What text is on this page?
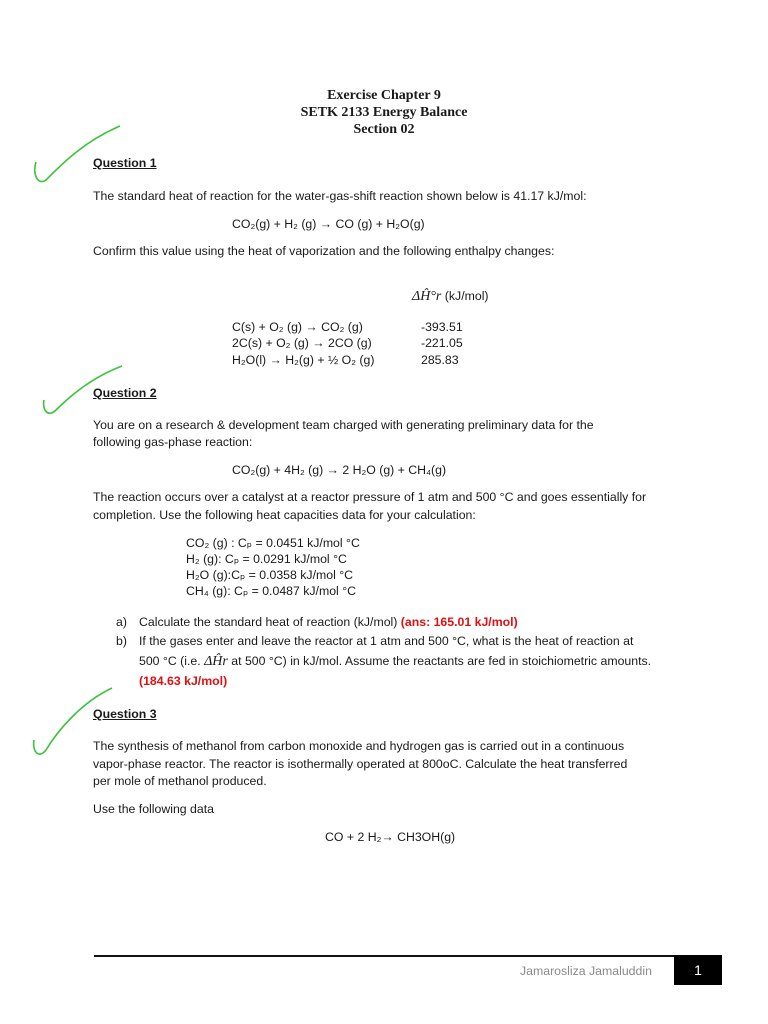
Exercise Chapter 9
SETK 2133 Energy Balance
Section 02
Question 1
The standard heat of reaction for the water-gas-shift reaction shown below is 41.17 kJ/mol:
CO₂(g) + H₂ (g) → CO (g) + H₂O(g)
Confirm this value using the heat of vaporization and the following enthalpy changes:
ΔĤ°r (kJ/mol)
C(s) + O₂ (g) → CO₂ (g)	-393.51
2C(s) + O₂ (g) → 2CO (g)	-221.05
H₂O(l) → H₂(g) + ½ O₂ (g)	285.83
Question 2
You are on a research & development team charged with generating preliminary data for the
following gas-phase reaction:
CO₂(g) + 4H₂ (g) → 2 H₂O (g) + CH₄(g)
The reaction occurs over a catalyst at a reactor pressure of 1 atm and 500 °C and goes essentially for
completion. Use the following heat capacities data for your calculation:
CO₂ (g) : Cₚ = 0.0451 kJ/mol °C
H₂ (g): Cₚ = 0.0291 kJ/mol °C
H₂O (g):Cₚ = 0.0358 kJ/mol °C
CH₄ (g): Cₚ = 0.0487 kJ/mol °C
a) Calculate the standard heat of reaction (kJ/mol) (ans: 165.01 kJ/mol)
b) If the gases enter and leave the reactor at 1 atm and 500 °C, what is the heat of reaction at
500 °C (i.e. ΔĤr at 500 °C) in kJ/mol. Assume the reactants are fed in stoichiometric amounts.
(184.63 kJ/mol)
Question 3
The synthesis of methanol from carbon monoxide and hydrogen gas is carried out in a continuous
vapor-phase reactor. The reactor is isothermally operated at 800oC. Calculate the heat transferred
per mole of methanol produced.
Use the following data
CO + 2 H₂→ CH3OH(g)
Jamarosliza Jamaluddin	1
